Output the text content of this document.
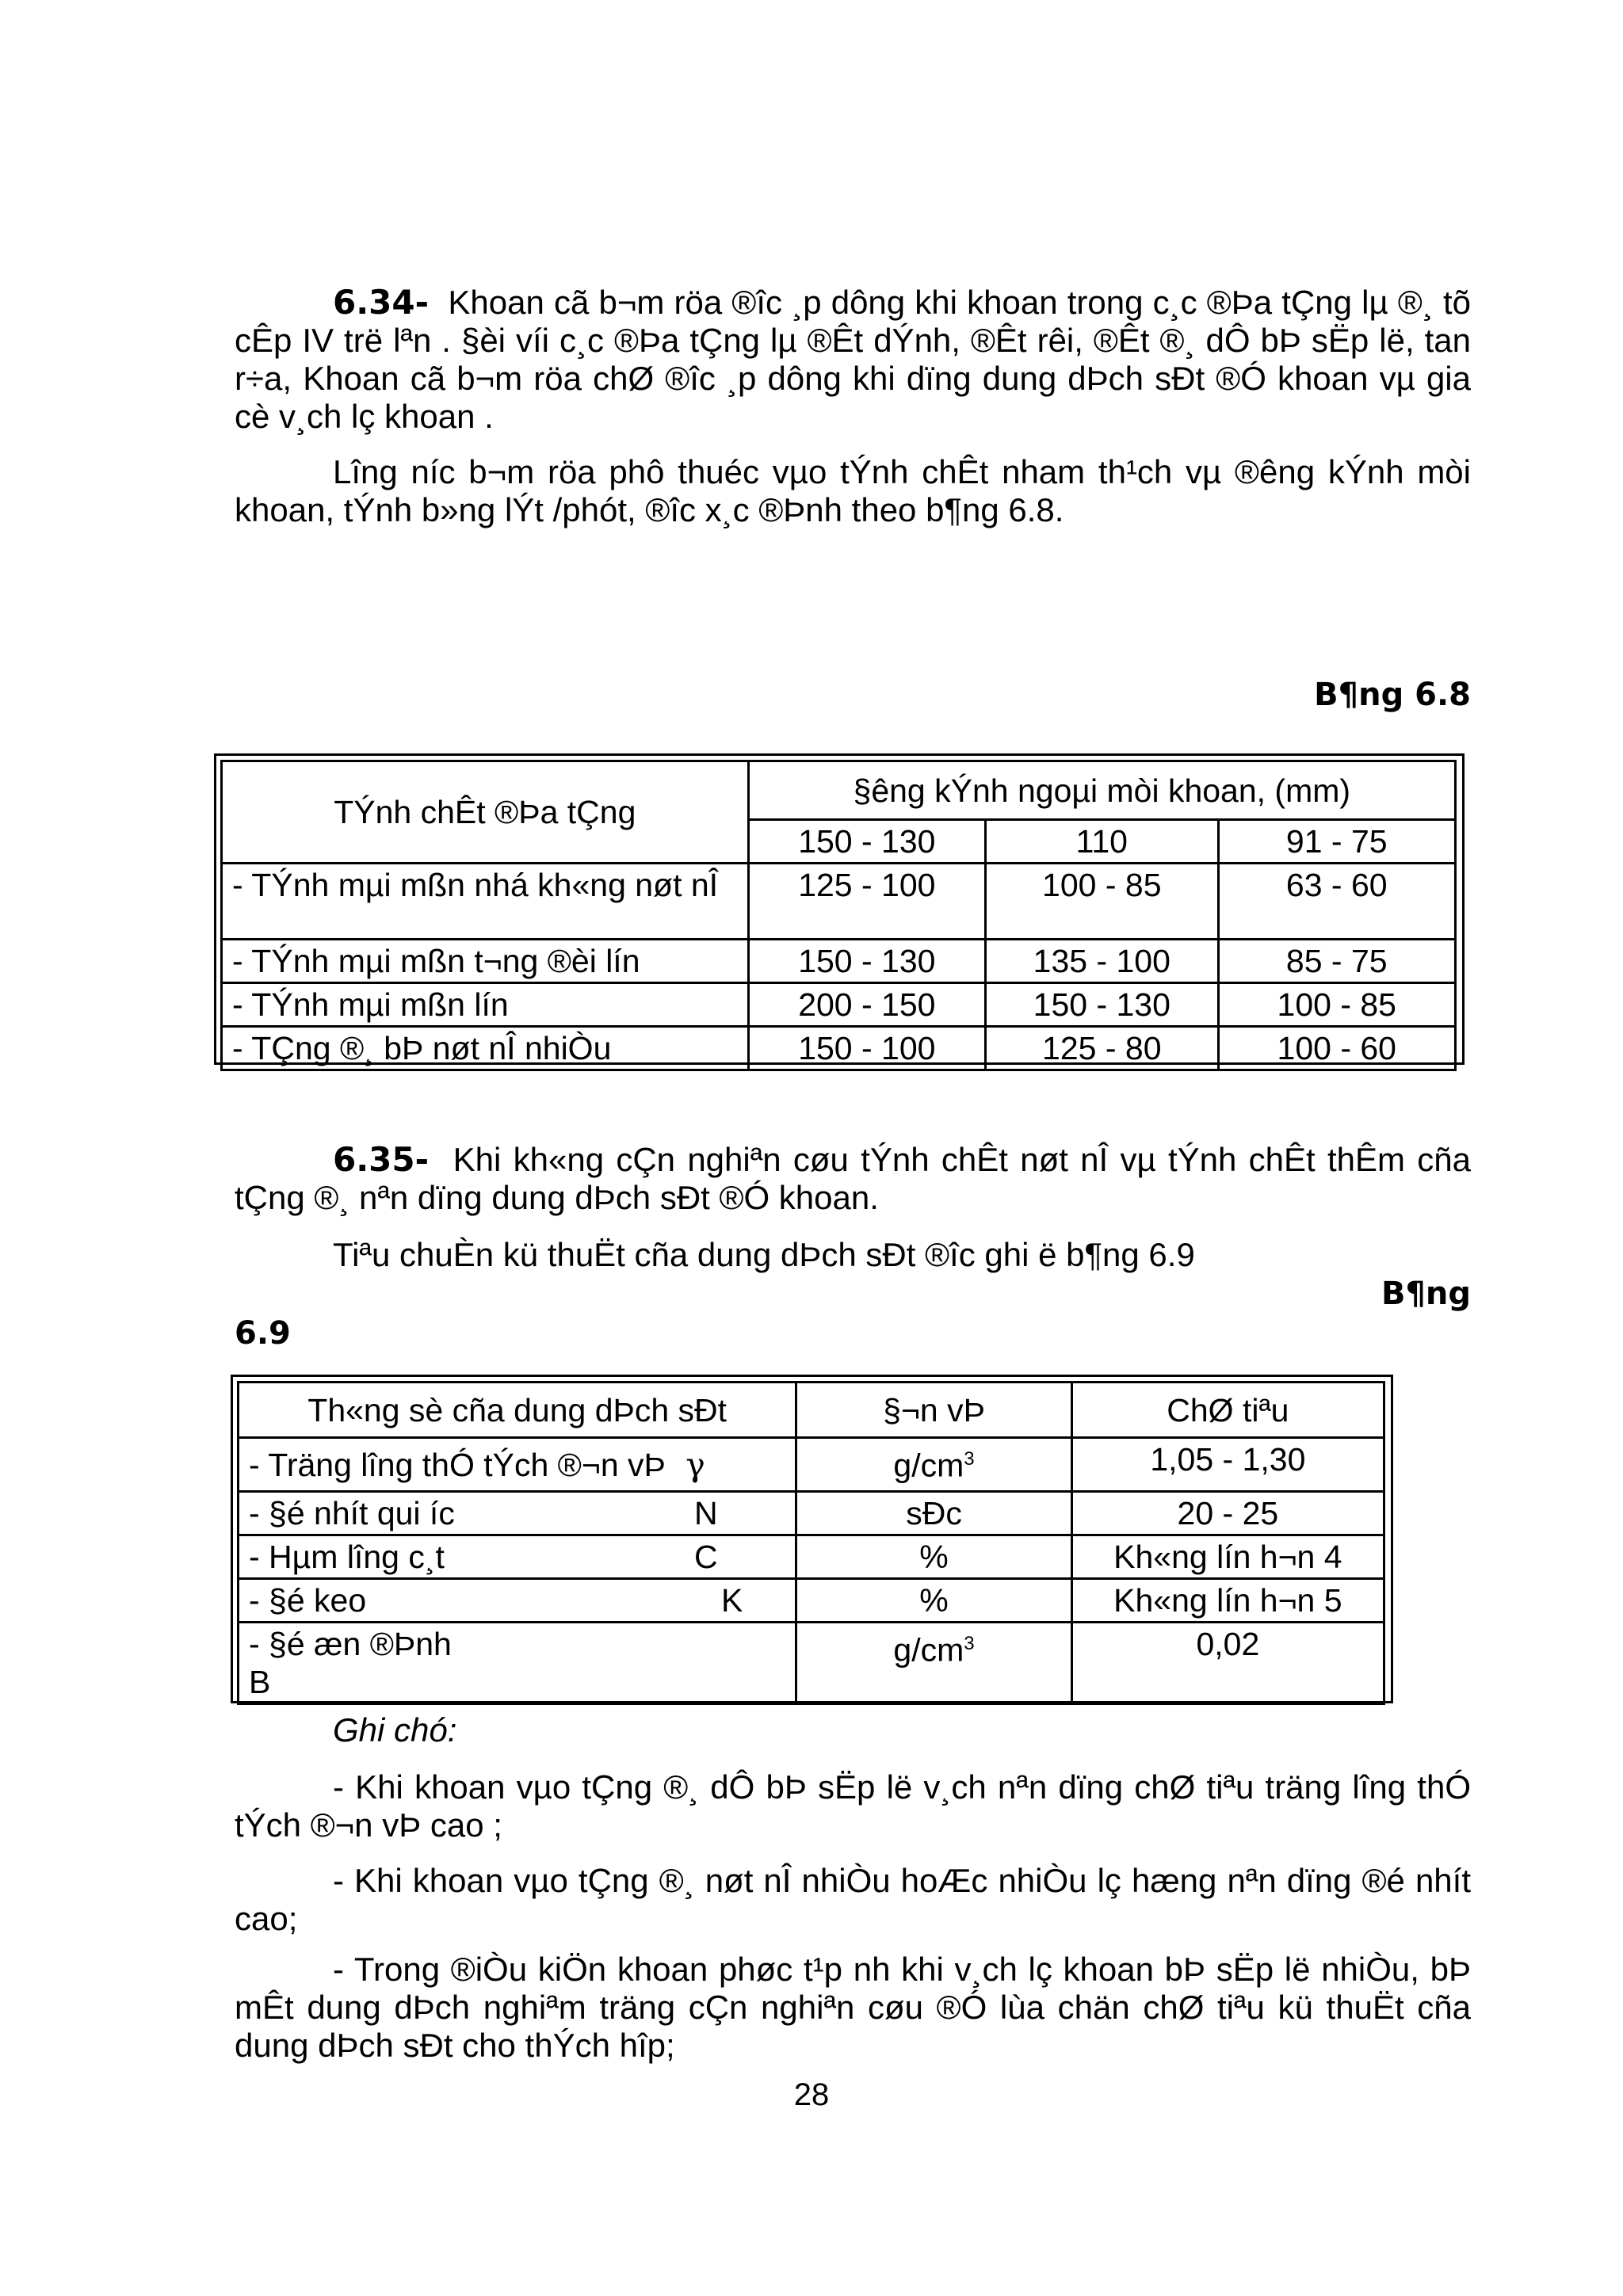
6.34- Khoan cã b¬m röa ®îc ¸p dông khi khoan trong c¸c ®Þa tÇng lµ ®¸ tõ cÊp IV trë lªn . §èi víi c¸c ®Þa tÇng lµ ®Êt dÝnh, ®Êt rêi, ®Êt ®¸ dÔ bÞ sËp lë, tan r÷a, Khoan cã b¬m röa chØ ®îc ¸p dông khi dïng dung dÞch sÐt ®Ó khoan vµ gia cè v¸ch lç khoan .
Lîng níc b¬m röa phô thuéc vµo tÝnh chÊt nham th¹ch vµ ®êng kÝnh mòi khoan, tÝnh b»ng lÝt /phót, ®îc x¸c ®Þnh theo b¶ng 6.8.
B¶ng 6.8
TÝnh chÊt ®Þa tÇng	§êng kÝnh ngoµi mòi khoan, (mm)		
	150 - 130	110	91 - 75
- TÝnh mµi mßn nhá kh«ng nøt nÎ	125 - 100	100 - 85	63 - 60
- TÝnh mµi mßn t¬ng ®èi lín	150 - 130	135 - 100	85 - 75
- TÝnh mµi mßn lín	200 - 150	150 - 130	100 - 85
- TÇng ®¸ bÞ nøt nÎ nhiÒu	150 - 100	125 - 80	100 - 60
6.35- Khi kh«ng cÇn nghiªn cøu tÝnh chÊt nøt nÎ vµ tÝnh chÊt thÊm cña tÇng ®¸ nªn dïng dung dÞch sÐt ®Ó khoan.
Tiªu chuÈn kü thuËt cña dung dÞch sÐt ®îc ghi ë b¶ng 6.9
B¶ng
6.9
Th«ng sè cña dung dÞch sÐt	§¬n vÞ	ChØ tiªu
- Träng lîng thÓ tÝch ®¬n vÞ γ	$g/cm^3$	1,05 - 1,30
- §é nhít qui íc N	sÐc	20 - 25
- Hµm lîng c¸t C	%	Kh«ng lín h¬n 4
- §é keo K	%	Kh«ng lín h¬n 5

- §é æn ®Þnh
B	$g/cm^3$	0,02
Ghi chó:
- Khi khoan vµo tÇng ®¸ dÔ bÞ sËp lë v¸ch nªn dïng chØ tiªu träng lîng thÓ tÝch ®¬n vÞ cao ;
- Khi khoan vµo tÇng ®¸ nøt nÎ nhiÒu hoÆc nhiÒu lç hæng nªn dïng ®é nhít cao;
- Trong ®iÒu kiÖn khoan phøc t¹p nh khi v¸ch lç khoan bÞ sËp lë nhiÒu, bÞ mÊt dung dÞch nghiªm träng cÇn nghiªn cøu ®Ó lùa chän chØ tiªu kü thuËt cña dung dÞch sÐt cho thÝch hîp;
28
